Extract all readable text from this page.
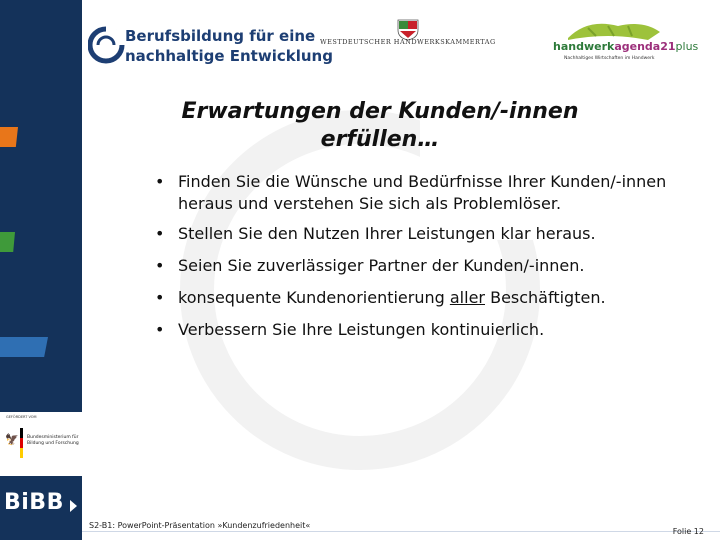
GEFÖRDERT VOM
🦅 Bundesministerium für Bildung und Forschung
BiBB
Berufsbildung für eine
nachhaltige Entwicklung
WESTDEUTSCHER HANDWERKSKAMMERTAG	handwerkagenda21plus
Nachhaltiges Wirtschaften im Handwerk
Erwartungen der Kunden/-innen
erfüllen…
• Finden Sie die Wünsche und Bedürfnisse Ihrer Kunden/-innen heraus und verstehen Sie sich als Problemlöser.
• Stellen Sie den Nutzen Ihrer Leistungen klar heraus.
• Seien Sie zuverlässiger Partner der Kunden/-innen.
• konsequente Kundenorientierung aller Beschäftigten.
• Verbessern Sie Ihre Leistungen kontinuierlich.
S2-B1: PowerPoint-Präsentation »Kundenzufriedenheit«
Folie 12
